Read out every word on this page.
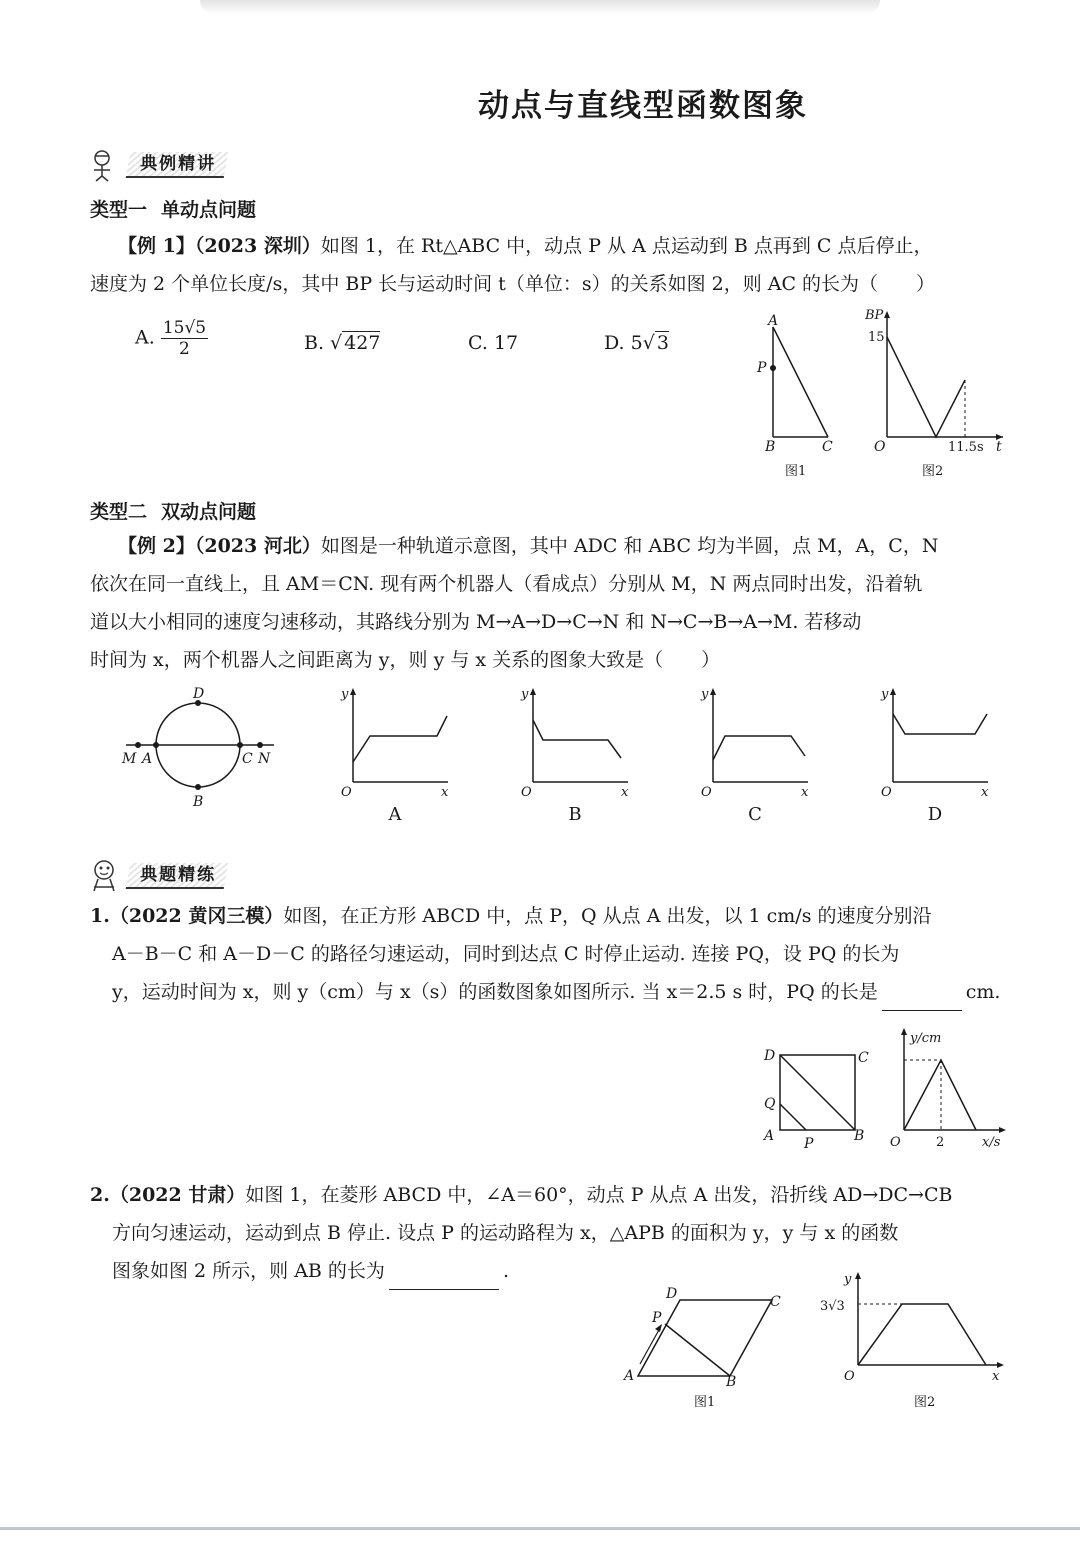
动点与直线型函数图象
典例精讲
类型一 单动点问题
【例 1】（2023 深圳）如图 1，在 Rt△ABC 中，动点 P 从 A 点运动到 B 点再到 C 点后停止，
速度为 2 个单位长度/s，其中 BP 长与运动时间 t（单位：s）的关系如图 2，则 AC 的长为（　　）
A. $\frac{15√5}{2}$	B. √ 427	C. 17	D. 5√ 3
A
P
B	C
图1
BP
15
O	11.5s t
图2
类型二 双动点问题
【例 2】（2023 河北）如图是一种轨道示意图，其中 ADC 和 ABC 均为半圆，点 M，A，C，N
依次在同一直线上，且 AM＝CN. 现有两个机器人（看成点）分别从 M，N 两点同时出发，沿着轨
道以大小相同的速度匀速移动，其路线分别为 M→A→D→C→N 和 N→C→B→A→M. 若移动
时间为 x，两个机器人之间距离为 y，则 y 与 x 关系的图象大致是（　　）
D
M A	C N
B
y
O	x
A
y
O	x
B
y
O	x
C
y
O	x
D
典题精练
1.（2022 黄冈三模）如图，在正方形 ABCD 中，点 P，Q 从点 A 出发，以 1 cm/s 的速度分别沿
A－B－C 和 A－D－C 的路径匀速运动，同时到达点 C 时停止运动. 连接 PQ，设 PQ 的长为
y，运动时间为 x，则 y（cm）与 x（s）的函数图象如图所示. 当 x＝2.5 s 时，PQ 的长是	cm.
D	C
Q
A P	B
y/cm
O	2	x/s
2.（2022 甘肃）如图 1，在菱形 ABCD 中，∠A＝60°，动点 P 从点 A 出发，沿折线 AD→DC→CB
方向匀速运动，运动到点 B 停止. 设点 P 的运动路程为 x，△APB 的面积为 y，y 与 x 的函数
图象如图 2 所示，则 AB 的长为	.
D	C
P
A	B
图1
y
3√3
O	x
图2
